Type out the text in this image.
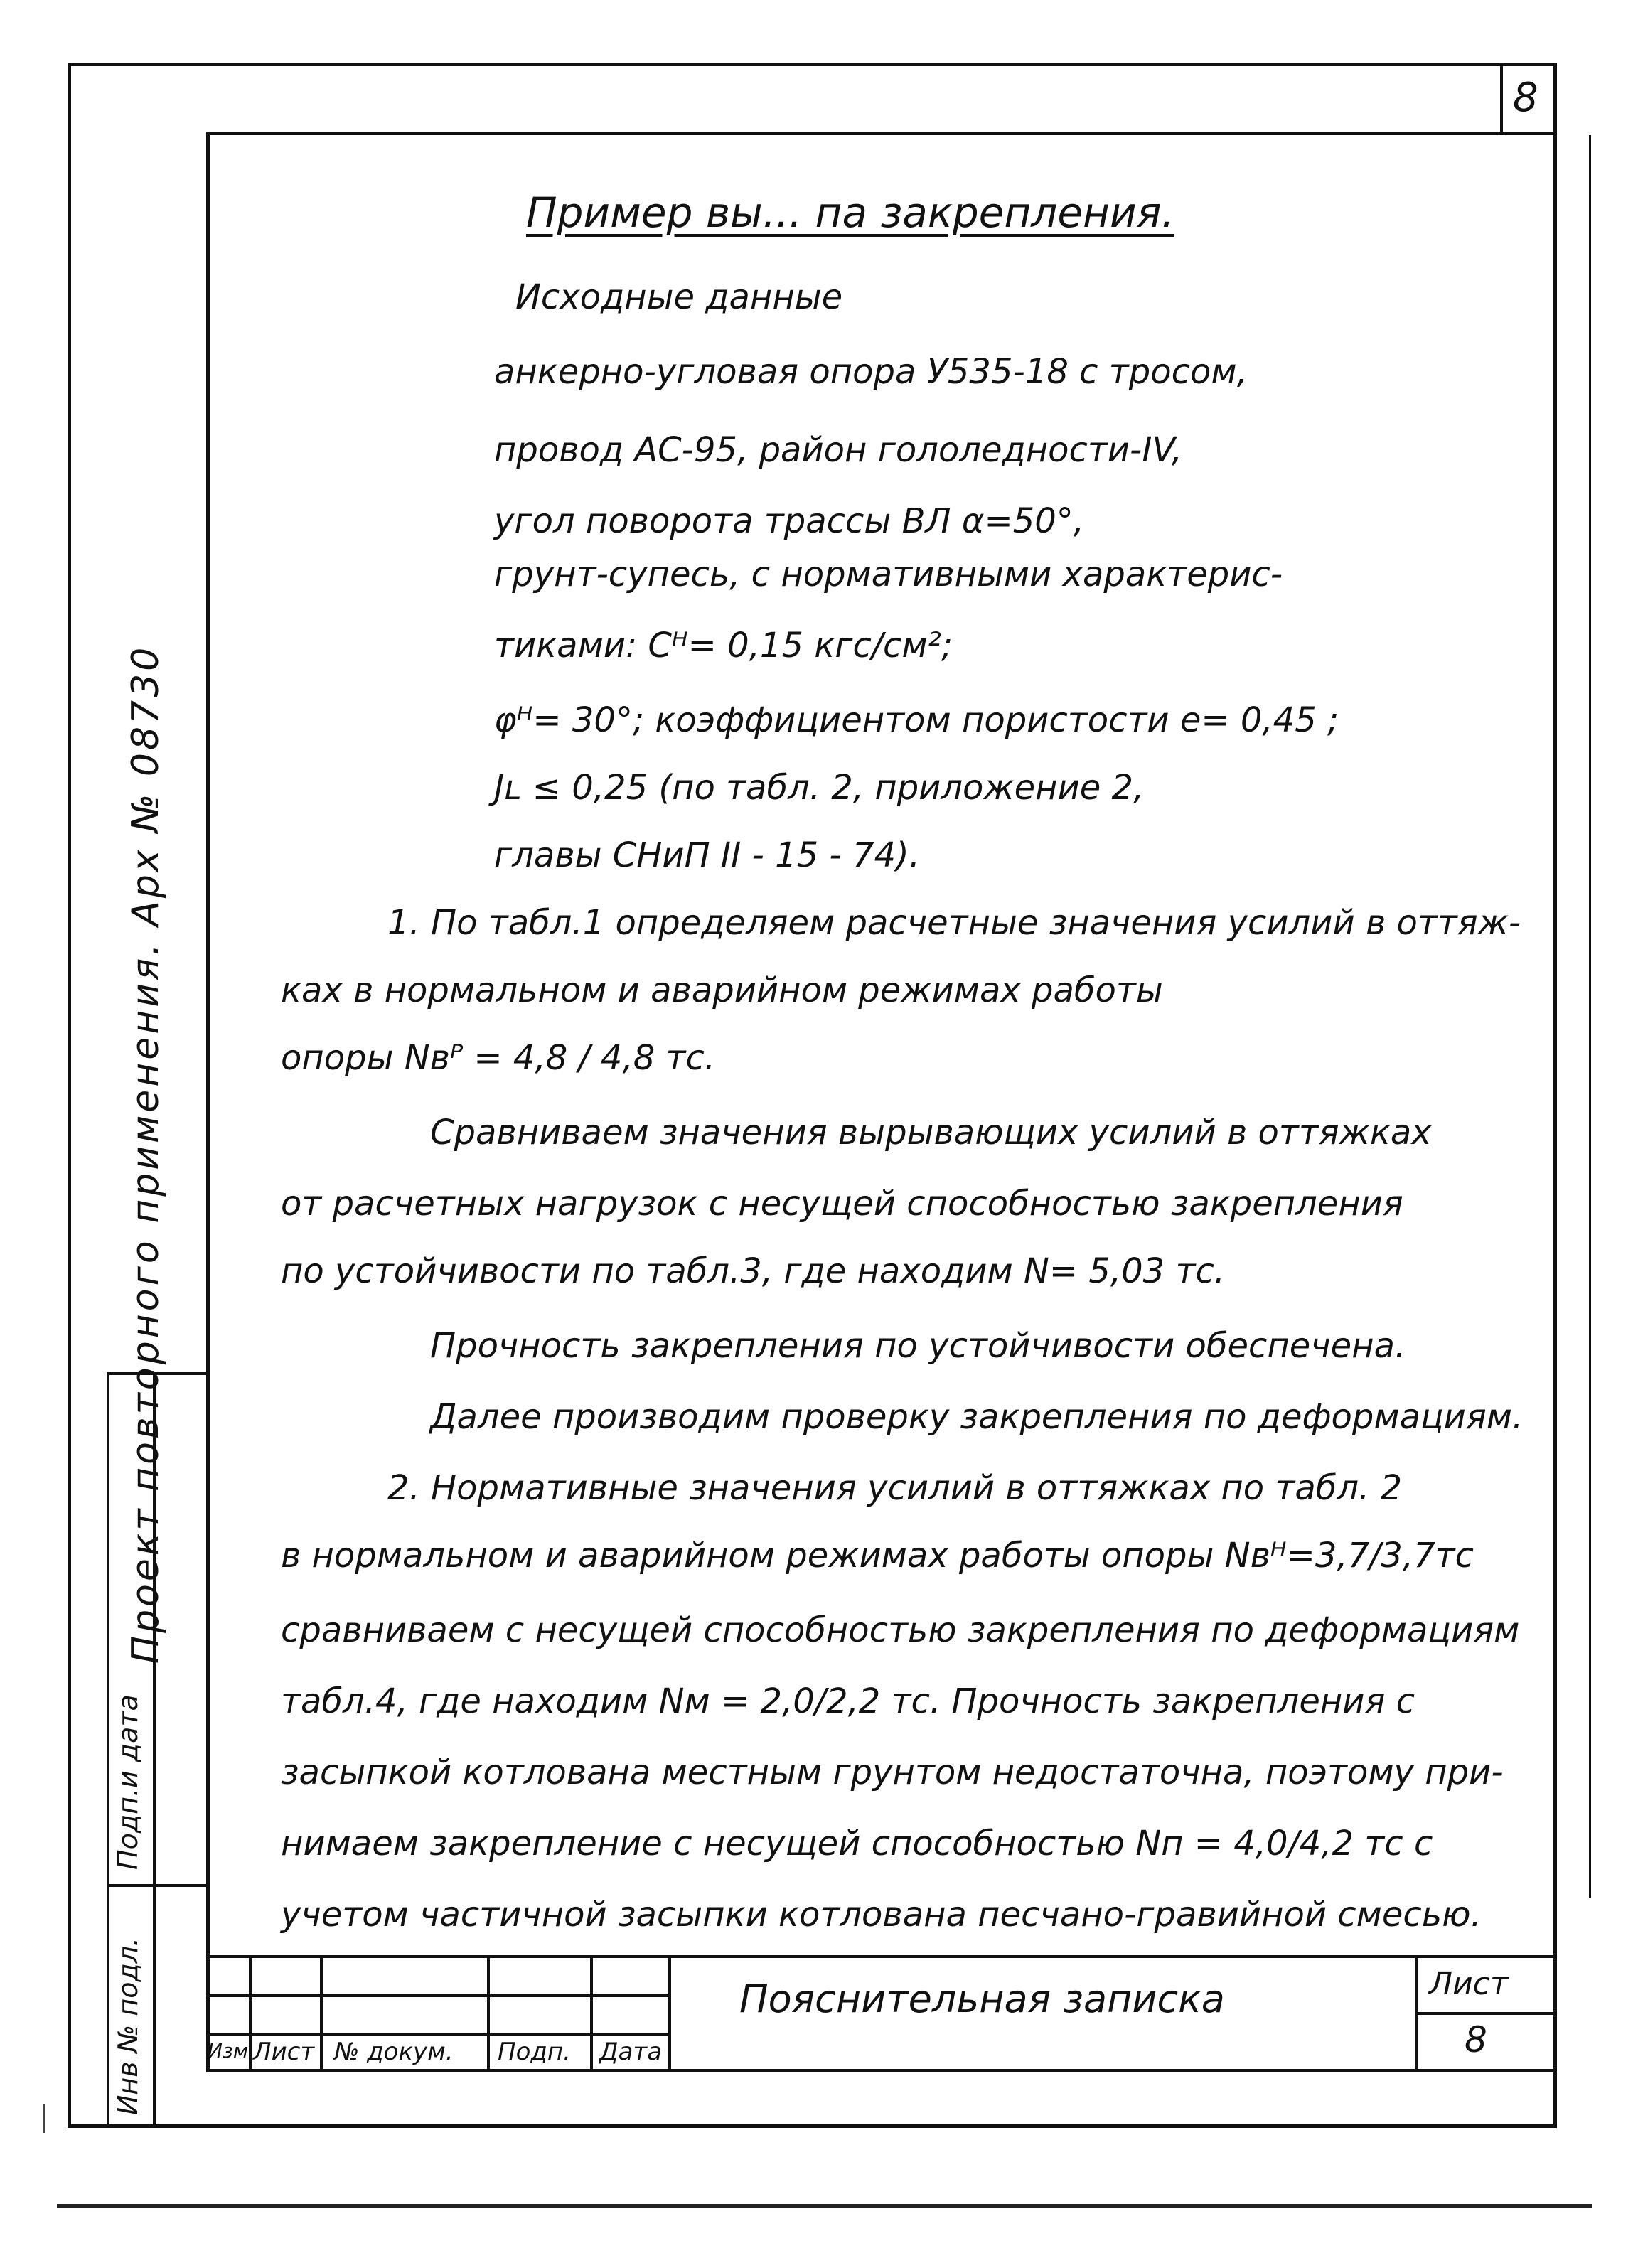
8
Пример вы... па закрепления.
Исходные данные
анкерно-угловая опора У535-18 с тросом,
провод АС-95, район гололедности-IV,
угол поворота трассы ВЛ α=50°,
грунт-супесь, с нормативными характерис-
тиками: Сᴴ= 0,15 кгс/см²;
φᴴ= 30°; коэффициентом пористости e= 0,45 ;
Jʟ ≤ 0,25 (по табл. 2, приложение 2,
главы СНиП II - 15 - 74).
1. По табл.1 определяем расчетные значения усилий в оттяж-
ках в нормальном и аварийном режимах работы
опоры Nвᴾ = 4,8 / 4,8 тс.
Сравниваем значения вырывающих усилий в оттяжках
от расчетных нагрузок с несущей способностью закрепления
по устойчивости по табл.3, где находим N= 5,03 тс.
Прочность закрепления по устойчивости обеспечена.
Далее производим проверку закрепления по деформациям.
2. Нормативные значения усилий в оттяжках по табл. 2
в нормальном и аварийном режимах работы опоры Nвᴴ=3,7/3,7тс
сравниваем с несущей способностью закрепления по деформациям
табл.4, где находим Nм = 2,0/2,2 тс. Прочность закрепления с
засыпкой котлована местным грунтом недостаточна, поэтому при-
нимаем закрепление с несущей способностью Nп = 4,0/4,2 тс с
учетом частичной засыпки котлована песчано-гравийной смесью.
Проект повторного применения. Арх № 08730
Подп.и дата
Инв № подл.	Изм Лист № докум. Подп. Дата
Пояснительная записка	Лист
8
